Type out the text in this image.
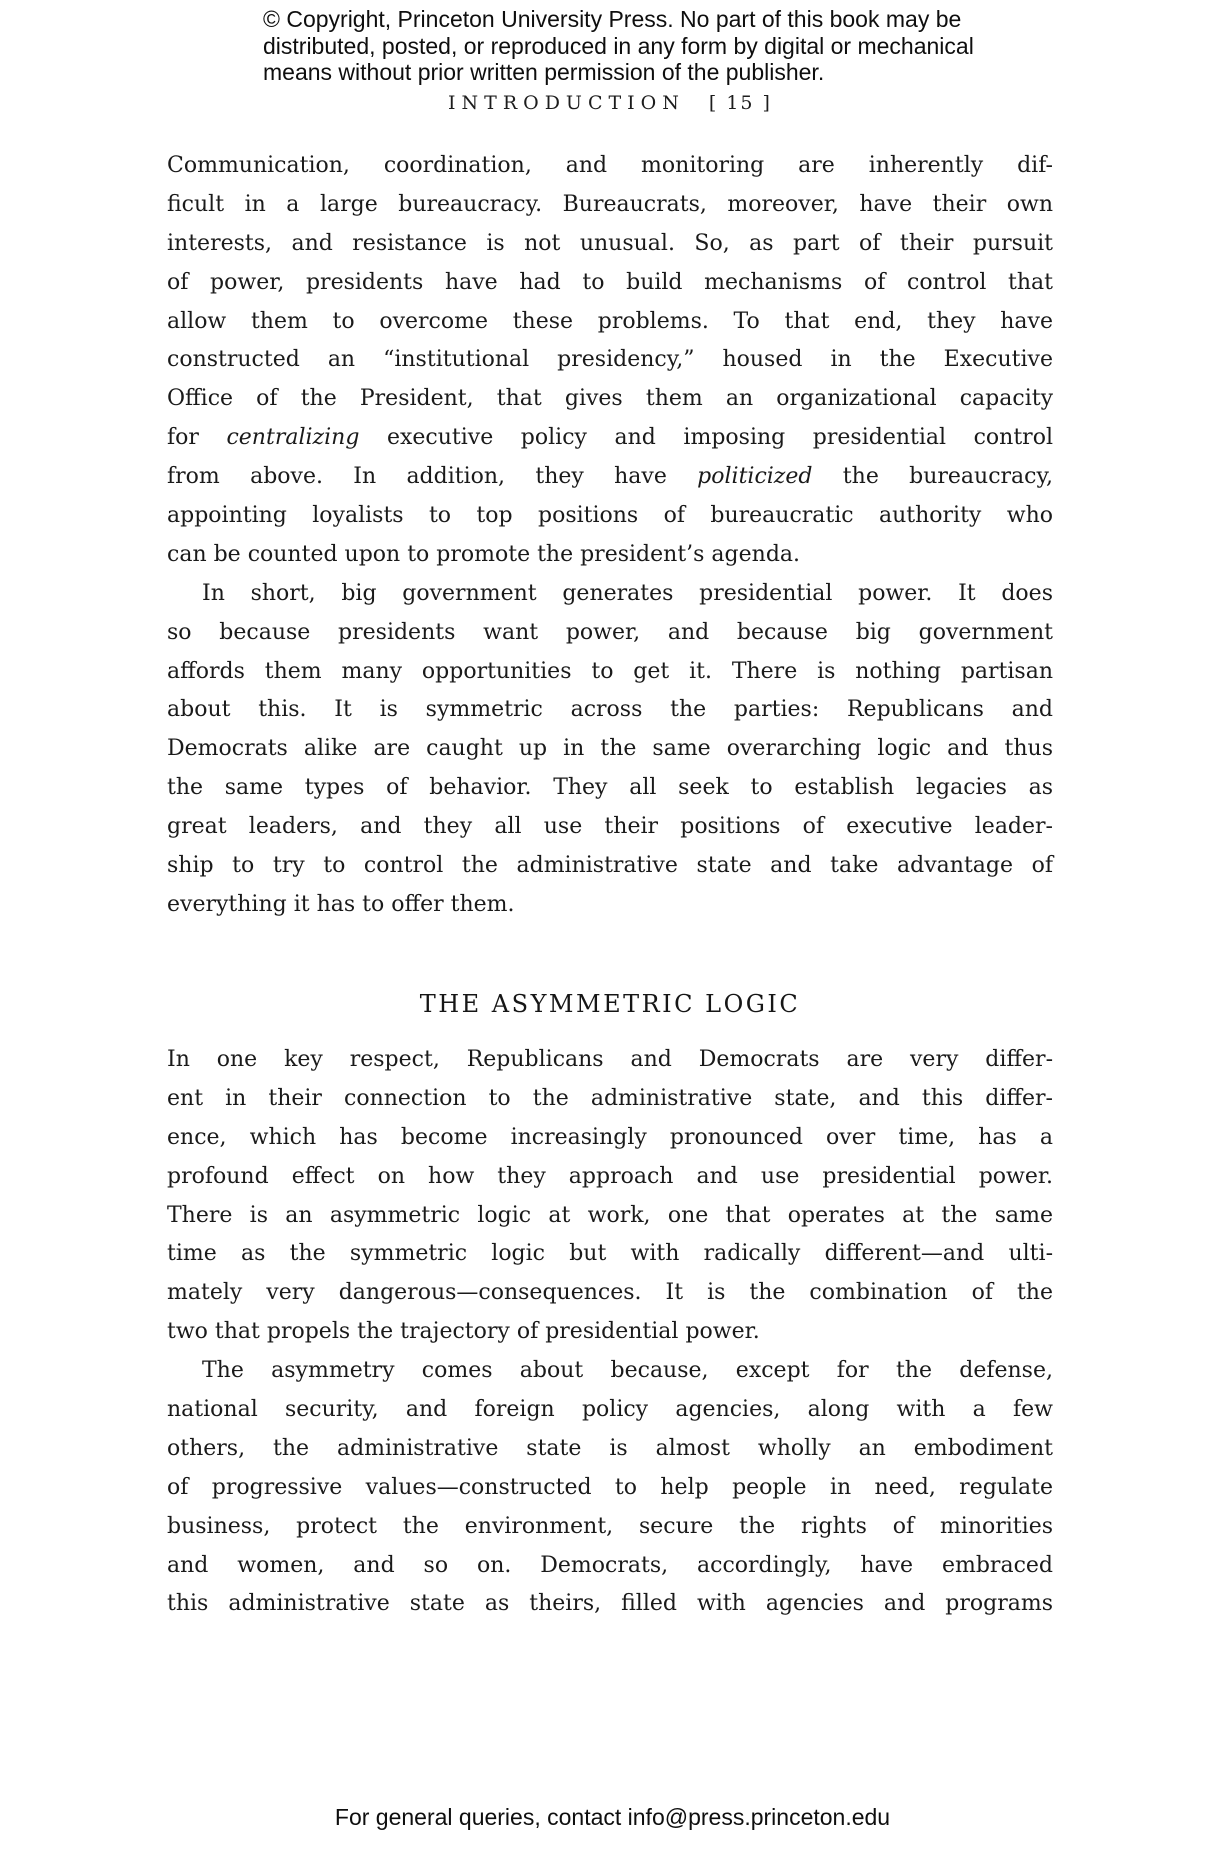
© Copyright, Princeton University Press. No part of this book may be
distributed, posted, or reproduced in any form by digital or mechanical
means without prior written permission of the publisher.
INTRODUCTION [ 15 ]
Communication, coordination, and monitoring are inherently dif-
ficult in a large bureaucracy. Bureaucrats, moreover, have their own
interests, and resistance is not unusual. So, as part of their pursuit
of power, presidents have had to build mechanisms of control that
allow them to overcome these problems. To that end, they have
constructed an “institutional presidency,” housed in the Executive
Office of the President, that gives them an organizational capacity
for centralizing executive policy and imposing presidential control
from above. In addition, they have politicized the bureaucracy,
appointing loyalists to top positions of bureaucratic authority who
can be counted upon to promote the president’s agenda.
In short, big government generates presidential power. It does
so because presidents want power, and because big government
affords them many opportunities to get it. There is nothing partisan
about this. It is symmetric across the parties: Republicans and
Democrats alike are caught up in the same overarching logic and thus
the same types of behavior. They all seek to establish legacies as
great leaders, and they all use their positions of executive leader-
ship to try to control the administrative state and take advantage of
everything it has to offer them.
THE ASYMMETRIC LOGIC
In one key respect, Republicans and Democrats are very differ-
ent in their connection to the administrative state, and this differ-
ence, which has become increasingly pronounced over time, has a
profound effect on how they approach and use presidential power.
There is an asymmetric logic at work, one that operates at the same
time as the symmetric logic but with radically different—and ulti-
mately very dangerous—consequences. It is the combination of the
two that propels the trajectory of presidential power.
The asymmetry comes about because, except for the defense,
national security, and foreign policy agencies, along with a few
others, the administrative state is almost wholly an embodiment
of progressive values—constructed to help people in need, regulate
business, protect the environment, secure the rights of minorities
and women, and so on. Democrats, accordingly, have embraced
this administrative state as theirs, filled with agencies and programs
For general queries, contact info@press.princeton.edu
